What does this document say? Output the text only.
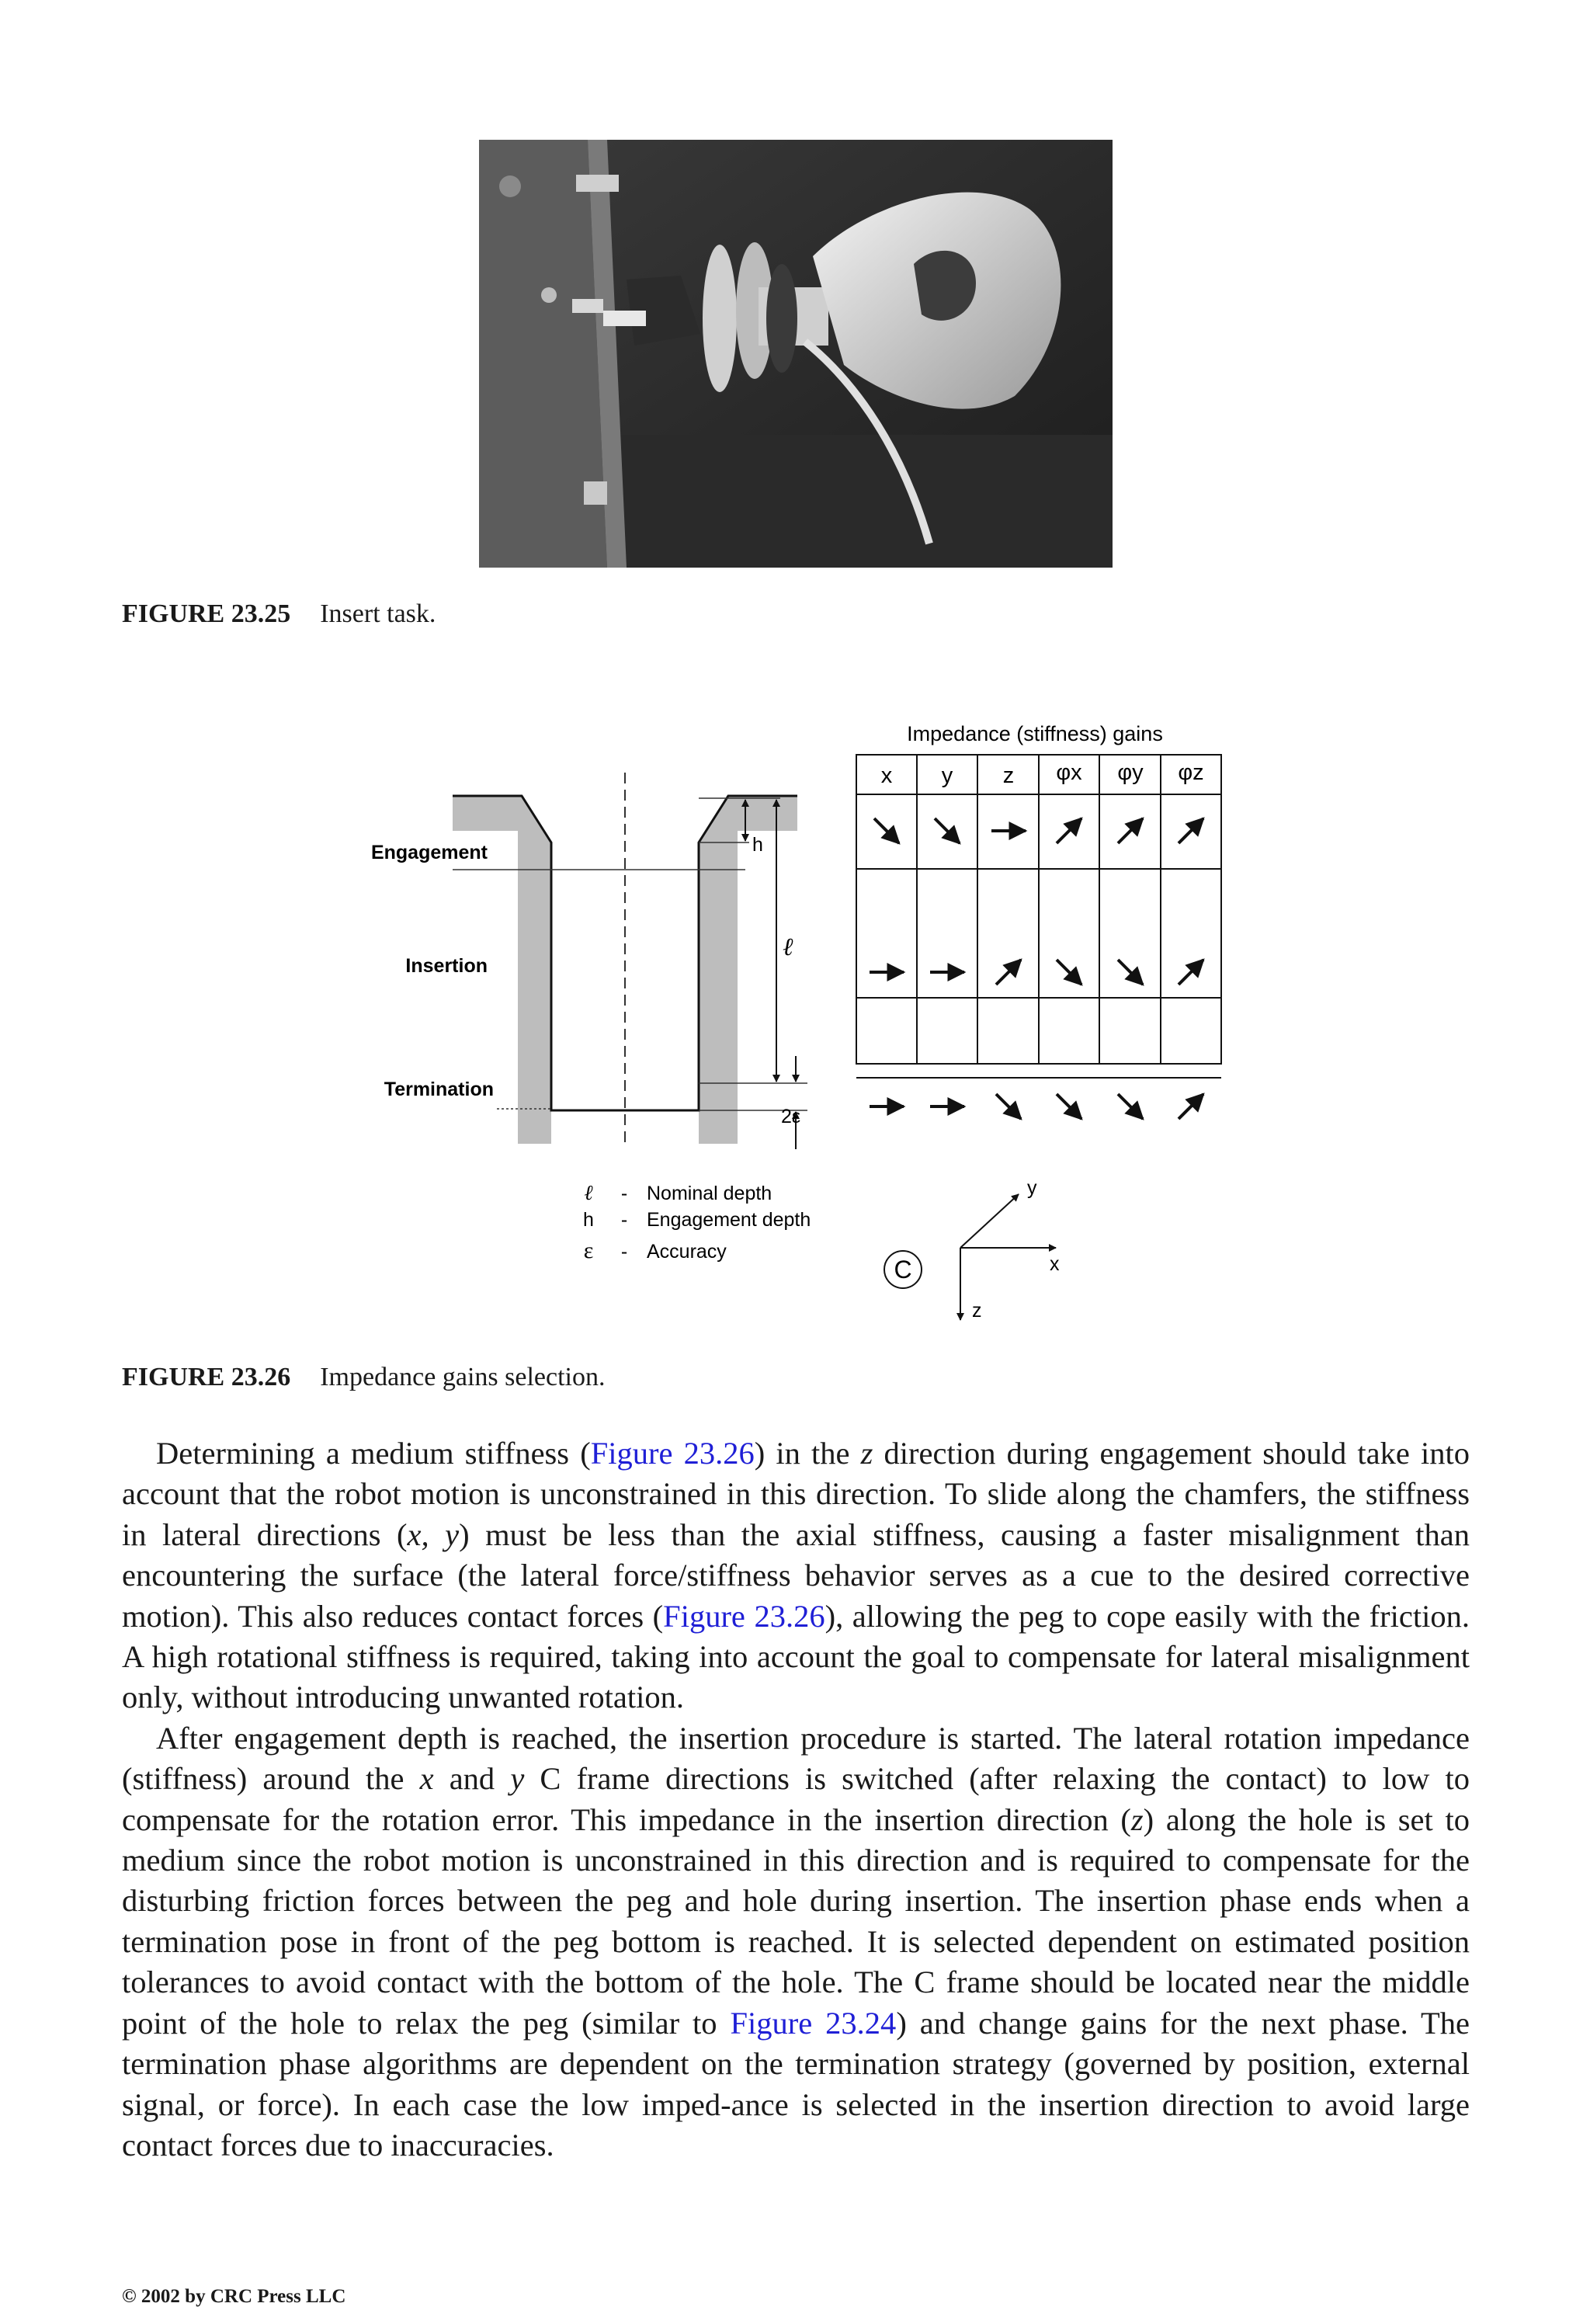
FIGURE 23.25 Insert task.
Engagement
Insertion
Termination
h
ℓ
2ε
ℓ - Nominal depth
h - Engagement depth
ε - Accuracy
Impedance (stiffness) gains
x y z φx φy φz
C
y
x
z
FIGURE 23.26 Impedance gains selection.

Determining a medium stiffness (Figure 23.26) in the z direction during engagement should take into account that the robot motion is unconstrained in this direction. To slide along the chamfers, the stiffness in lateral directions (x, y) must be less than the axial stiffness, causing a faster misalignment than encountering the surface (the lateral force/stiffness behavior serves as a cue to the desired corrective motion). This also reduces contact forces (Figure 23.26), allowing the peg to cope easily with the friction. A high rotational stiffness is required, taking into account the goal to compensate for lateral misalignment only, without introducing unwanted rotation.

After engagement depth is reached, the insertion procedure is started. The lateral rotation impedance (stiffness) around the x and y C frame directions is switched (after relaxing the contact) to low to compensate for the rotation error. This impedance in the insertion direction (z) along the hole is set to medium since the robot motion is unconstrained in this direction and is required to compensate for the disturbing friction forces between the peg and hole during insertion. The insertion phase ends when a termination pose in front of the peg bottom is reached. It is selected dependent on estimated position tolerances to avoid contact with the bottom of the hole. The C frame should be located near the middle point of the hole to relax the peg (similar to Figure 23.24) and change gains for the next phase. The termination phase algorithms are dependent on the termination strategy (governed by position, external signal, or force). In each case the low imped-ance is selected in the insertion direction to avoid large contact forces due to inaccuracies.

© 2002 by CRC Press LLC
